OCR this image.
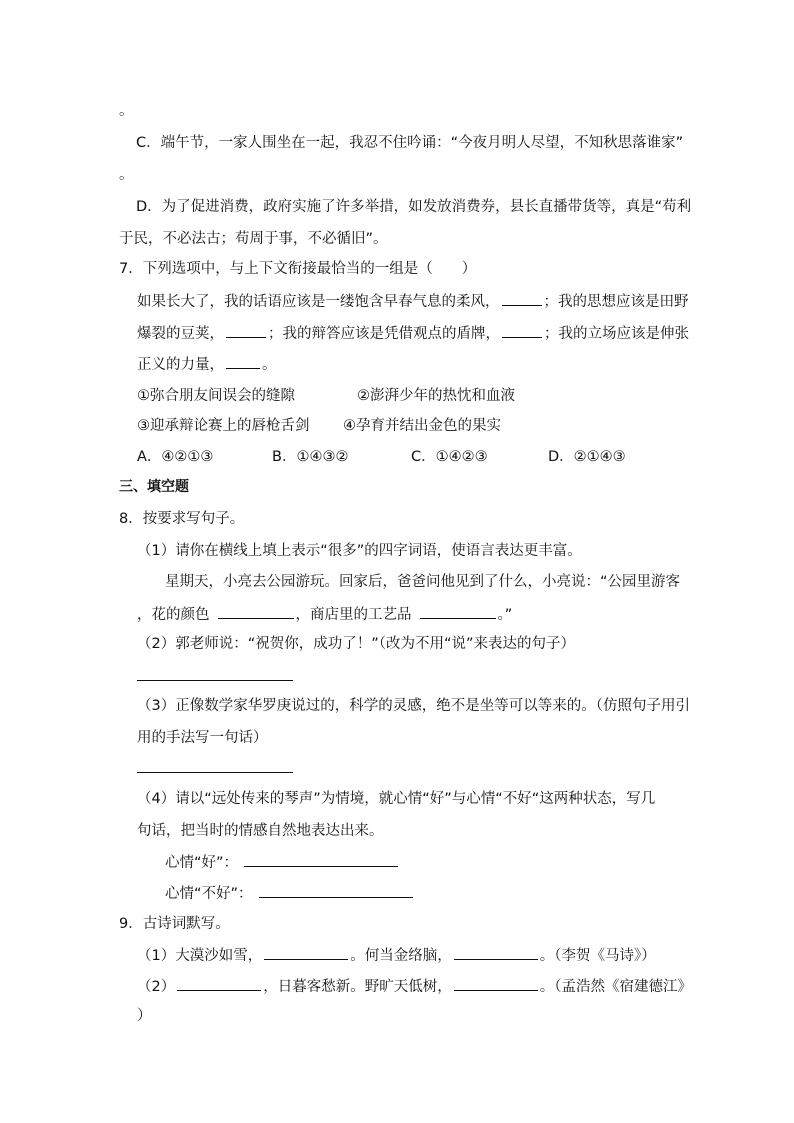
。
C．端午节，一家人围坐在一起，我忍不住吟诵：“今夜月明人尽望，不知秋思落谁家”
。
D．为了促进消费，政府实施了许多举措，如发放消费券，县长直播带货等，真是“苟利
于民，不必法古；苟周于事，不必循旧”。
7．下列选项中，与上下文衔接最恰当的一组是（　　）
如果长大了，我的话语应该是一缕饱含早春气息的柔风，	；我的思想应该是田野
爆裂的豆荚，	；我的辩答应该是凭借观点的盾牌，	；我的立场应该是伸张
正义的力量，	。
①弥合朋友间误会的缝隙	②澎湃少年的热忱和血液
③迎承辩论赛上的唇枪舌剑 ④孕育并结出金色的果实
A．④②①③	B．①④③②	C．①④②③	D．②①④③
三、填空题
8．按要求写句子。
（1）请你在横线上填上表示“很多”的四字词语，使语言表达更丰富。
星期天，小亮去公园游玩。回家后，爸爸问他见到了什么，小亮说：“公园里游客
，花的颜色	，商店里的工艺品	。”
（2）郭老师说：“祝贺你，成功了！”（改为不用“说”来表达的句子）
（3）正像数学家华罗庚说过的，科学的灵感，绝不是坐等可以等来的。（仿照句子用引
用的手法写一句话）
（4）请以“远处传来的琴声”为情境，就心情“好”与心情“不好“这两种状态，写几
句话，把当时的情感自然地表达出来。
心情“好”：
心情“不好”：
9．古诗词默写。
（1）大漠沙如雪，	。何当金络脑，	。（李贺《马诗》）
（2）	，日暮客愁新。野旷天低树，	。（孟浩然《宿建德江》
）
